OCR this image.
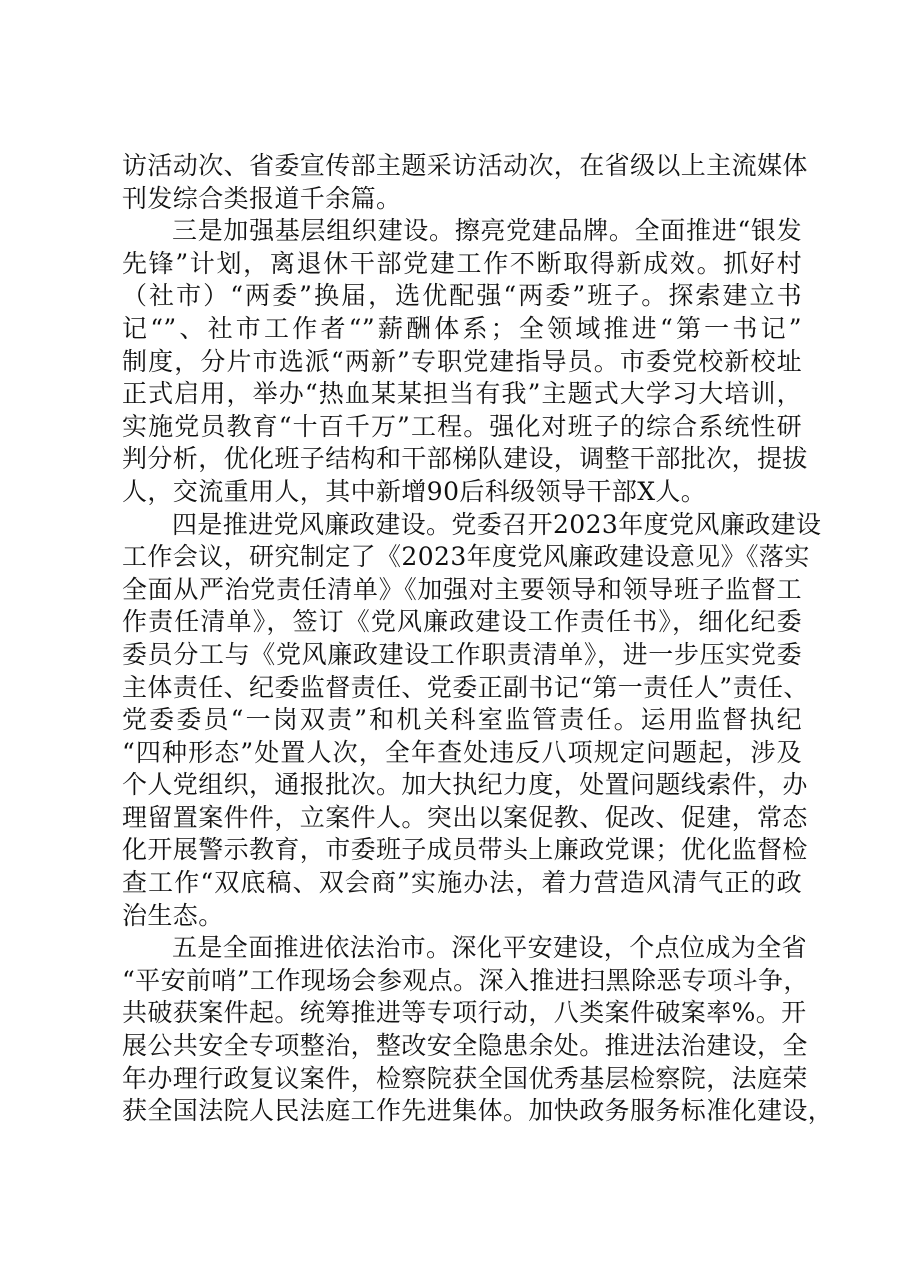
访活动次、省委宣传部主题采访活动次，在省级以上主流媒体
刊发综合类报道千余篇。
三是加强基层组织建设。擦亮党建品牌。全面推进“银发
先锋”计划，离退休干部党建工作不断取得新成效。抓好村
（社市）“两委”换届，选优配强“两委”班子。探索建立书
记“”、社市工作者“”薪酬体系；全领域推进“第一书记”
制度，分片市选派“两新”专职党建指导员。市委党校新校址
正式启用，举办“热血某某担当有我”主题式大学习大培训，
实施党员教育“十百千万”工程。强化对班子的综合系统性研
判分析，优化班子结构和干部梯队建设，调整干部批次，提拔
人，交流重用人，其中新增90后科级领导干部X人。
四是推进党风廉政建设。党委召开2023年度党风廉政建设
工作会议，研究制定了《2023年度党风廉政建设意见》《落实
全面从严治党责任清单》《加强对主要领导和领导班子监督工
作责任清单》，签订《党风廉政建设工作责任书》，细化纪委
委员分工与《党风廉政建设工作职责清单》，进一步压实党委
主体责任、纪委监督责任、党委正副书记“第一责任人”责任、
党委委员“一岗双责”和机关科室监管责任。运用监督执纪
“四种形态”处置人次，全年查处违反八项规定问题起，涉及
个人党组织，通报批次。加大执纪力度，处置问题线索件，办
理留置案件件，立案件人。突出以案促教、促改、促建，常态
化开展警示教育，市委班子成员带头上廉政党课；优化监督检
查工作“双底稿、双会商”实施办法，着力营造风清气正的政
治生态。
五是全面推进依法治市。深化平安建设，个点位成为全省
“平安前哨”工作现场会参观点。深入推进扫黑除恶专项斗争，
共破获案件起。统筹推进等专项行动，八类案件破案率%。开
展公共安全专项整治，整改安全隐患余处。推进法治建设，全
年办理行政复议案件，检察院获全国优秀基层检察院，法庭荣
获全国法院人民法庭工作先进集体。加快政务服务标准化建设，
